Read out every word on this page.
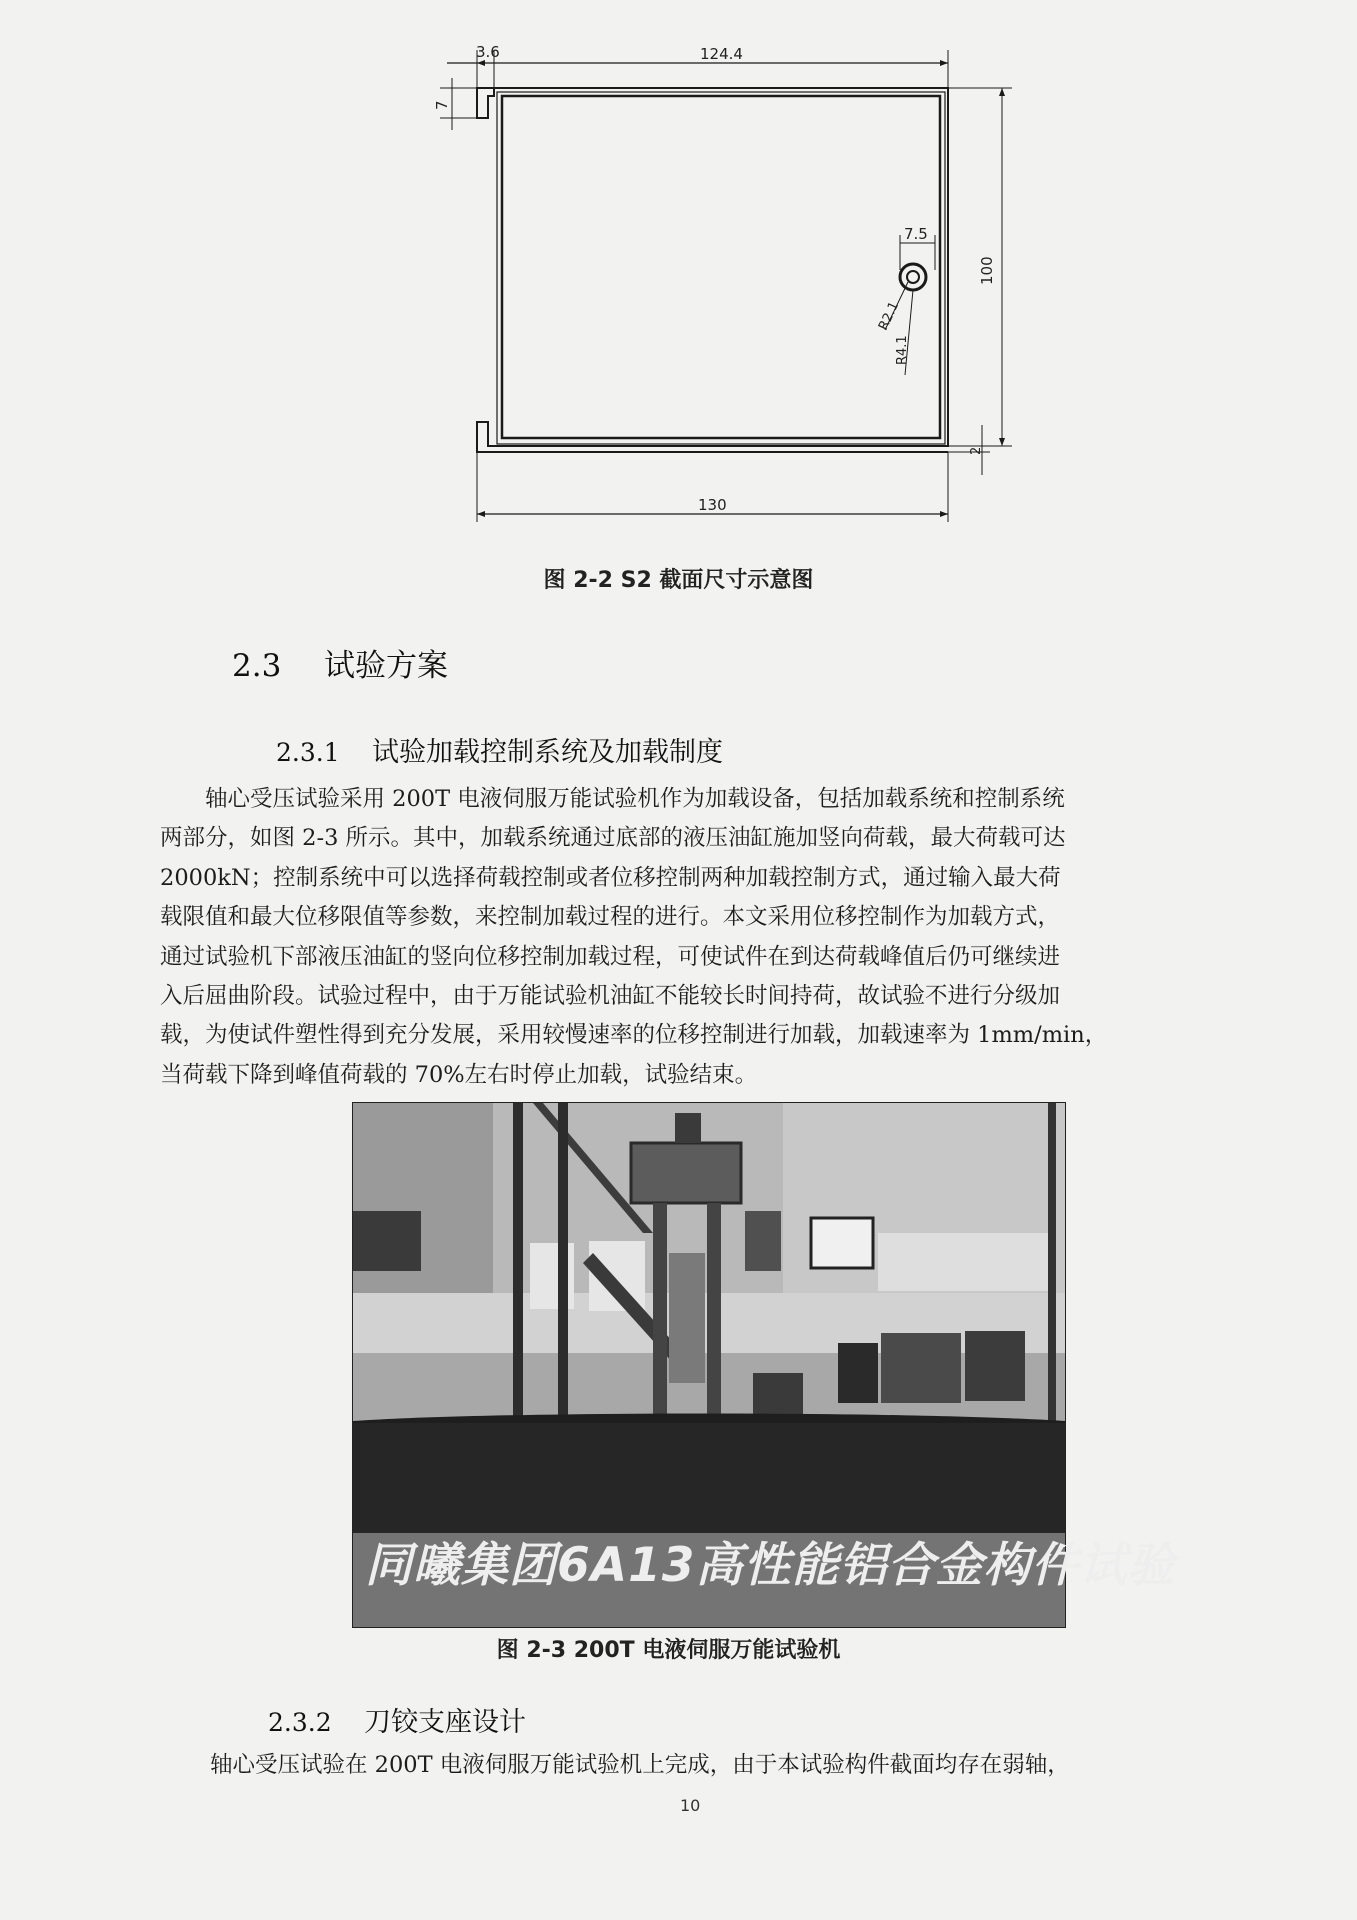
3.6	124.4
7
7.5
100
R2.1
R4.1
2
130
图 2-2 S2 截面尺寸示意图
2.3 试验方案
2.3.1 试验加载控制系统及加载制度
轴心受压试验采用 200T 电液伺服万能试验机作为加载设备，包括加载系统和控制系统
两部分，如图 2-3 所示。其中，加载系统通过底部的液压油缸施加竖向荷载，最大荷载可达
2000kN；控制系统中可以选择荷载控制或者位移控制两种加载控制方式，通过输入最大荷
载限值和最大位移限值等参数，来控制加载过程的进行。本文采用位移控制作为加载方式，
通过试验机下部液压油缸的竖向位移控制加载过程，可使试件在到达荷载峰值后仍可继续进
入后屈曲阶段。试验过程中，由于万能试验机油缸不能较长时间持荷，故试验不进行分级加
载，为使试件塑性得到充分发展，采用较慢速率的位移控制进行加载，加载速率为 1mm/min，
当荷载下降到峰值荷载的 70%左右时停止加载，试验结束。
同曦集团6A13高性能铝合金构件试验
图 2-3 200T 电液伺服万能试验机
2.3.2 刀铰支座设计
轴心受压试验在 200T 电液伺服万能试验机上完成，由于本试验构件截面均存在弱轴，
10
